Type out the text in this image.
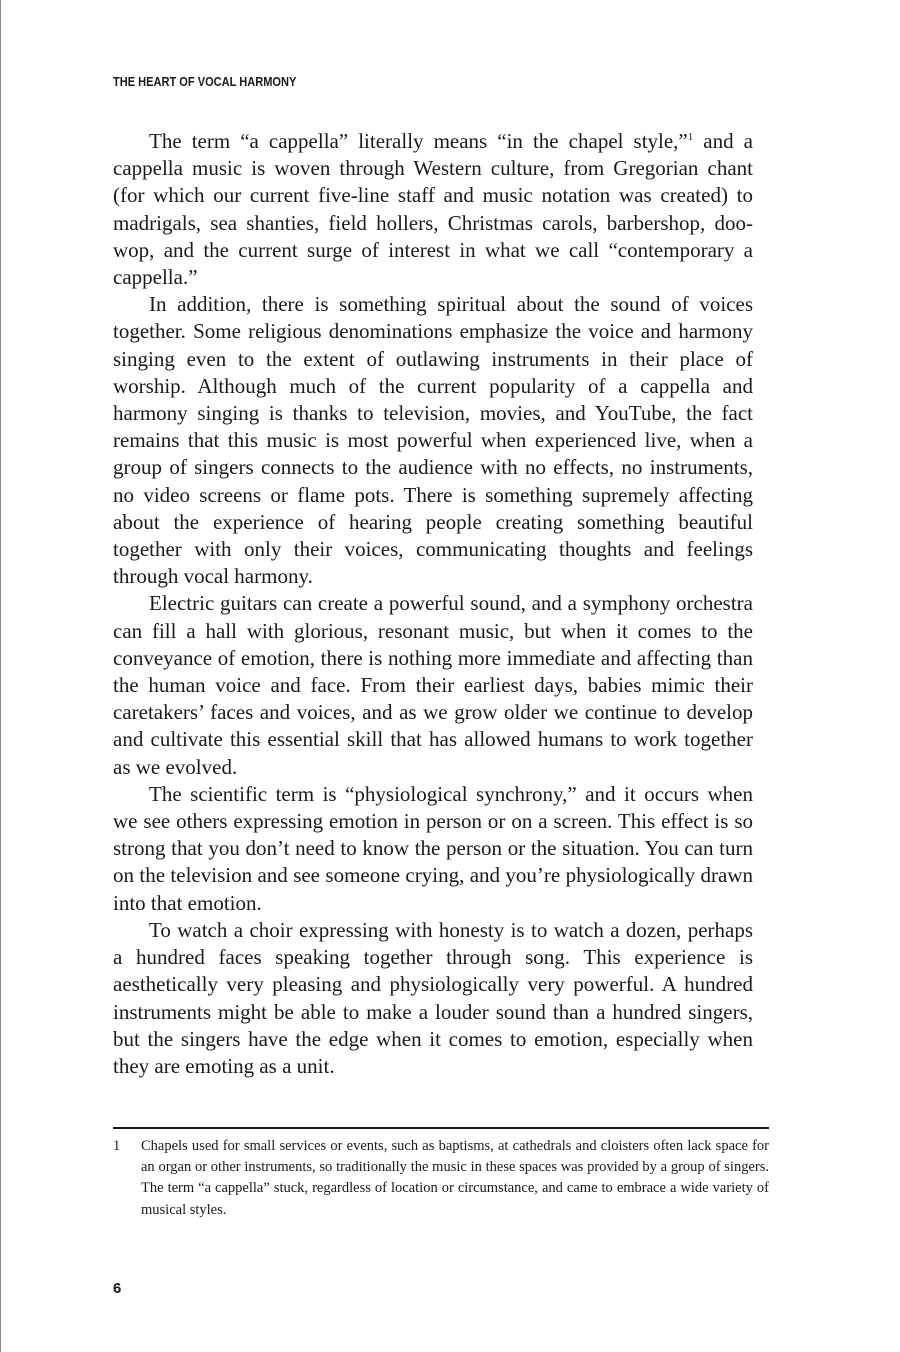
THE HEART OF VOCAL HARMONY

The term “a cappella” literally means “in the chapel style,”$^1$ and a cappella music is woven through Western culture, from Gregorian chant (for which our current five-line staff and music notation was created) to madrigals, sea shanties, field hollers, Christmas carols, barbershop, doo-wop, and the current surge of interest in what we call “contemporary a cappella.”

In addition, there is something spiritual about the sound of voices together. Some religious denominations emphasize the voice and harmony singing even to the extent of outlawing instruments in their place of worship. Although much of the current popularity of a cappella and harmony singing is thanks to television, movies, and YouTube, the fact remains that this music is most powerful when experienced live, when a group of singers connects to the audience with no effects, no instruments, no video screens or flame pots. There is something supremely affecting about the experience of hearing people creating something beautiful together with only their voices, communicating thoughts and feelings through vocal harmony.

Electric guitars can create a powerful sound, and a symphony orchestra can fill a hall with glorious, resonant music, but when it comes to the conveyance of emotion, there is nothing more immediate and affecting than the human voice and face. From their earliest days, babies mimic their caretakers’ faces and voices, and as we grow older we continue to develop and cultivate this essential skill that has allowed humans to work together as we evolved.

The scientific term is “physiological synchrony,” and it occurs when we see others expressing emotion in person or on a screen. This effect is so strong that you don’t need to know the person or the situation. You can turn on the television and see someone crying, and you’re physiologically drawn into that emotion.

To watch a choir expressing with honesty is to watch a dozen, perhaps a hundred faces speaking together through song. This experience is aesthetically very pleasing and physiologically very powerful. A hundred instruments might be able to make a louder sound than a hundred singers, but the singers have the edge when it comes to emotion, especially when they are emoting as a unit.

1	Chapels used for small services or events, such as baptisms, at cathedrals and cloisters often lack space for an organ or other instruments, so traditionally the music in these spaces was provided by a group of singers. The term “a cappella” stuck, regardless of location or circumstance, and came to embrace a wide variety of musical styles.
6
